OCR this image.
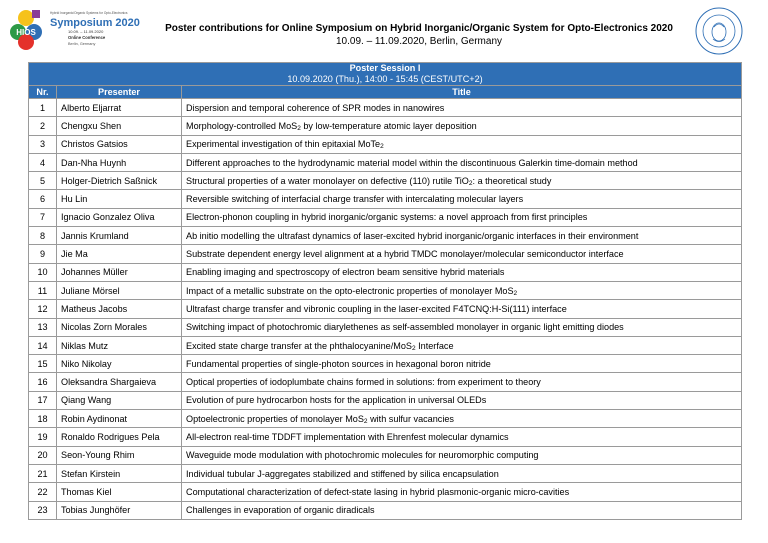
HIOS
Hybrid Inorganic/Organic Systems for Opto-Electronics
Symposium 2020
10.09. – 11.09.2020
Online Conference
Berlin, Germany
Poster contributions for Online Symposium on Hybrid Inorganic/Organic System for Opto-Electronics 2020
10.09. – 11.09.2020, Berlin, Germany
Poster Session I
10.09.2020 (Thu.), 14:00 - 15:45 (CEST/UTC+2)		

Nr.	Presenter	Title
1	Alberto Eljarrat	Dispersion and temporal coherence of SPR modes in nanowires
2	Chengxu Shen	Morphology-controlled MoS$_2$ by low-temperature atomic layer deposition
3	Christos Gatsios	Experimental investigation of thin epitaxial MoTe$_2$
4	Dan-Nha Huynh	Different approaches to the hydrodynamic material model within the discontinuous Galerkin time-domain method
5	Holger-Dietrich Saßnick	Structural properties of a water monolayer on defective (110) rutile TiO$_2$: a theoretical study
6	Hu Lin	Reversible switching of interfacial charge transfer with intercalating molecular layers
7	Ignacio Gonzalez Oliva	Electron-phonon coupling in hybrid inorganic/organic systems: a novel approach from first principles
8	Jannis Krumland	Ab initio modelling the ultrafast dynamics of laser-excited hybrid inorganic/organic interfaces in their environment
9	Jie Ma	Substrate dependent energy level alignment at a hybrid TMDC monolayer/molecular semiconductor interface
10	Johannes Müller	Enabling imaging and spectroscopy of electron beam sensitive hybrid materials
11	Juliane Mörsel	Impact of a metallic substrate on the opto-electronic properties of monolayer MoS$_2$
12	Matheus Jacobs	Ultrafast charge transfer and vibronic coupling in the laser-excited F4TCNQ:H-Si(111) interface
13	Nicolas Zorn Morales	Switching impact of photochromic diarylethenes as self-assembled monolayer in organic light emitting diodes
14	Niklas Mutz	Excited state charge transfer at the phthalocyanine/MoS$_2$ Interface
15	Niko Nikolay	Fundamental properties of single-photon sources in hexagonal boron nitride
16	Oleksandra Shargaieva	Optical properties of iodoplumbate chains formed in solutions: from experiment to theory
17	Qiang Wang	Evolution of pure hydrocarbon hosts for the application in universal OLEDs
18	Robin Aydinonat	Optoelectronic properties of monolayer MoS$_2$ with sulfur vacancies
19	Ronaldo Rodrigues Pela	All-electron real-time TDDFT implementation with Ehrenfest molecular dynamics
20	Seon-Young Rhim	Waveguide mode modulation with photochromic molecules for neuromorphic computing
21	Stefan Kirstein	Individual tubular J-aggregates stabilized and stiffened by silica encapsulation
22	Thomas Kiel	Computational characterization of defect-state lasing in hybrid plasmonic-organic micro-cavities
23	Tobias Junghöfer	Challenges in evaporation of organic diradicals
